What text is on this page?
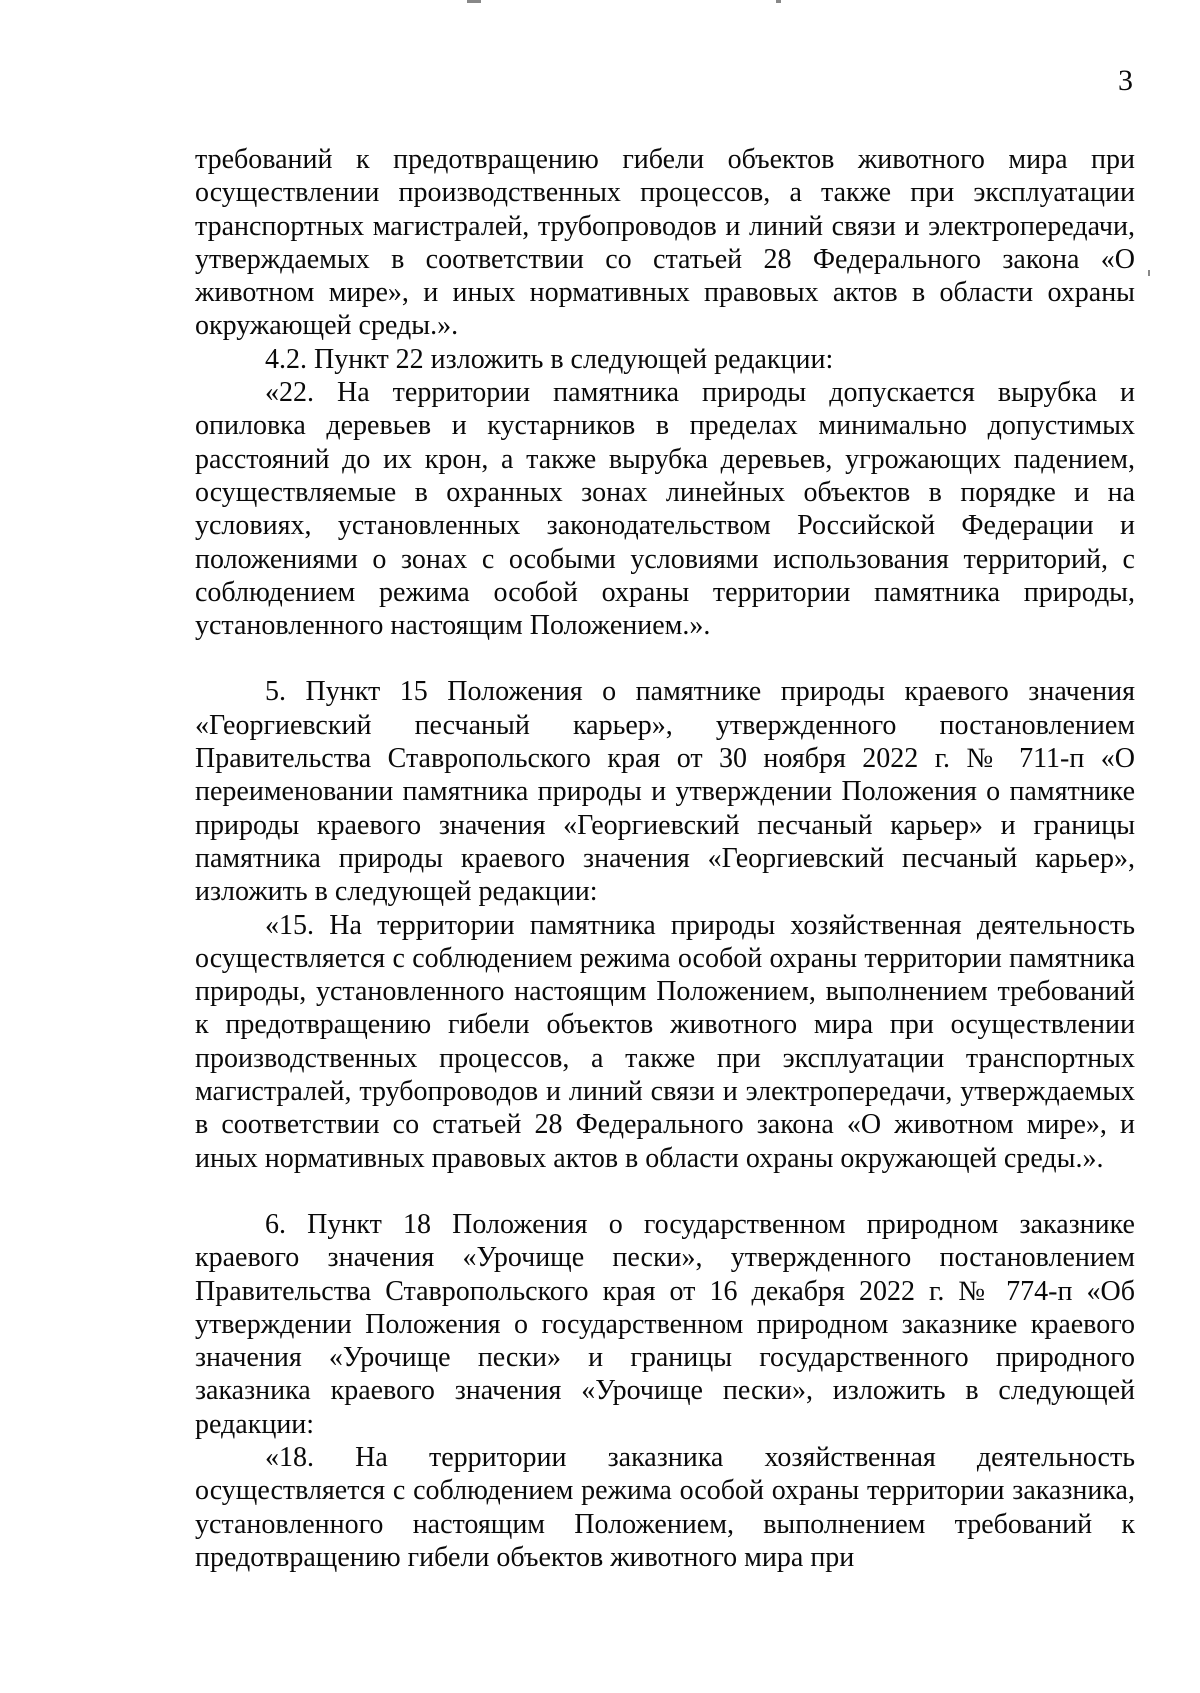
3

требований к предотвращению гибели объектов животного мира при осуществлении производственных процессов, а также при эксплуатации транспортных магистралей, трубопроводов и линий связи и электропередачи, утверждаемых в соответствии со статьей 28 Федерального закона «О животном мире», и иных нормативных правовых актов в области охраны окружающей среды.».

4.2. Пункт 22 изложить в следующей редакции:

«22. На территории памятника природы допускается вырубка и опиловка деревьев и кустарников в пределах минимально допустимых расстояний до их крон, а также вырубка деревьев, угрожающих падением, осуществляемые в охранных зонах линейных объектов в порядке и на условиях, установленных законодательством Российской Федерации и положениями о зонах с особыми условиями использования территорий, с соблюдением режима особой охраны территории памятника природы, установленного настоящим Положением.».

5. Пункт 15 Положения о памятнике природы краевого значения «Георгиевский песчаный карьер», утвержденного постановлением Правительства Ставропольского края от 30 ноября 2022 г. № 711-п «О переименовании памятника природы и утверждении Положения о памятнике природы краевого значения «Георгиевский песчаный карьер» и границы памятника природы краевого значения «Георгиевский песчаный карьер», изложить в следующей редакции:

«15. На территории памятника природы хозяйственная деятельность осуществляется с соблюдением режима особой охраны территории памятника природы, установленного настоящим Положением, выполнением требований к предотвращению гибели объектов животного мира при осуществлении производственных процессов, а также при эксплуатации транспортных магистралей, трубопроводов и линий связи и электропередачи, утверждаемых в соответствии со статьей 28 Федерального закона «О животном мире», и иных нормативных правовых актов в области охраны окружающей среды.».

6. Пункт 18 Положения о государственном природном заказнике краевого значения «Урочище пески», утвержденного постановлением Правительства Ставропольского края от 16 декабря 2022 г. № 774-п «Об утверждении Положения о государственном природном заказнике краевого значения «Урочище пески» и границы государственного природного заказника краевого значения «Урочище пески», изложить в следующей редакции:

«18. На территории заказника хозяйственная деятельность осуществляется с соблюдением режима особой охраны территории заказника, установленного настоящим Положением, выполнением требований к предотвращению гибели объектов животного мира при
